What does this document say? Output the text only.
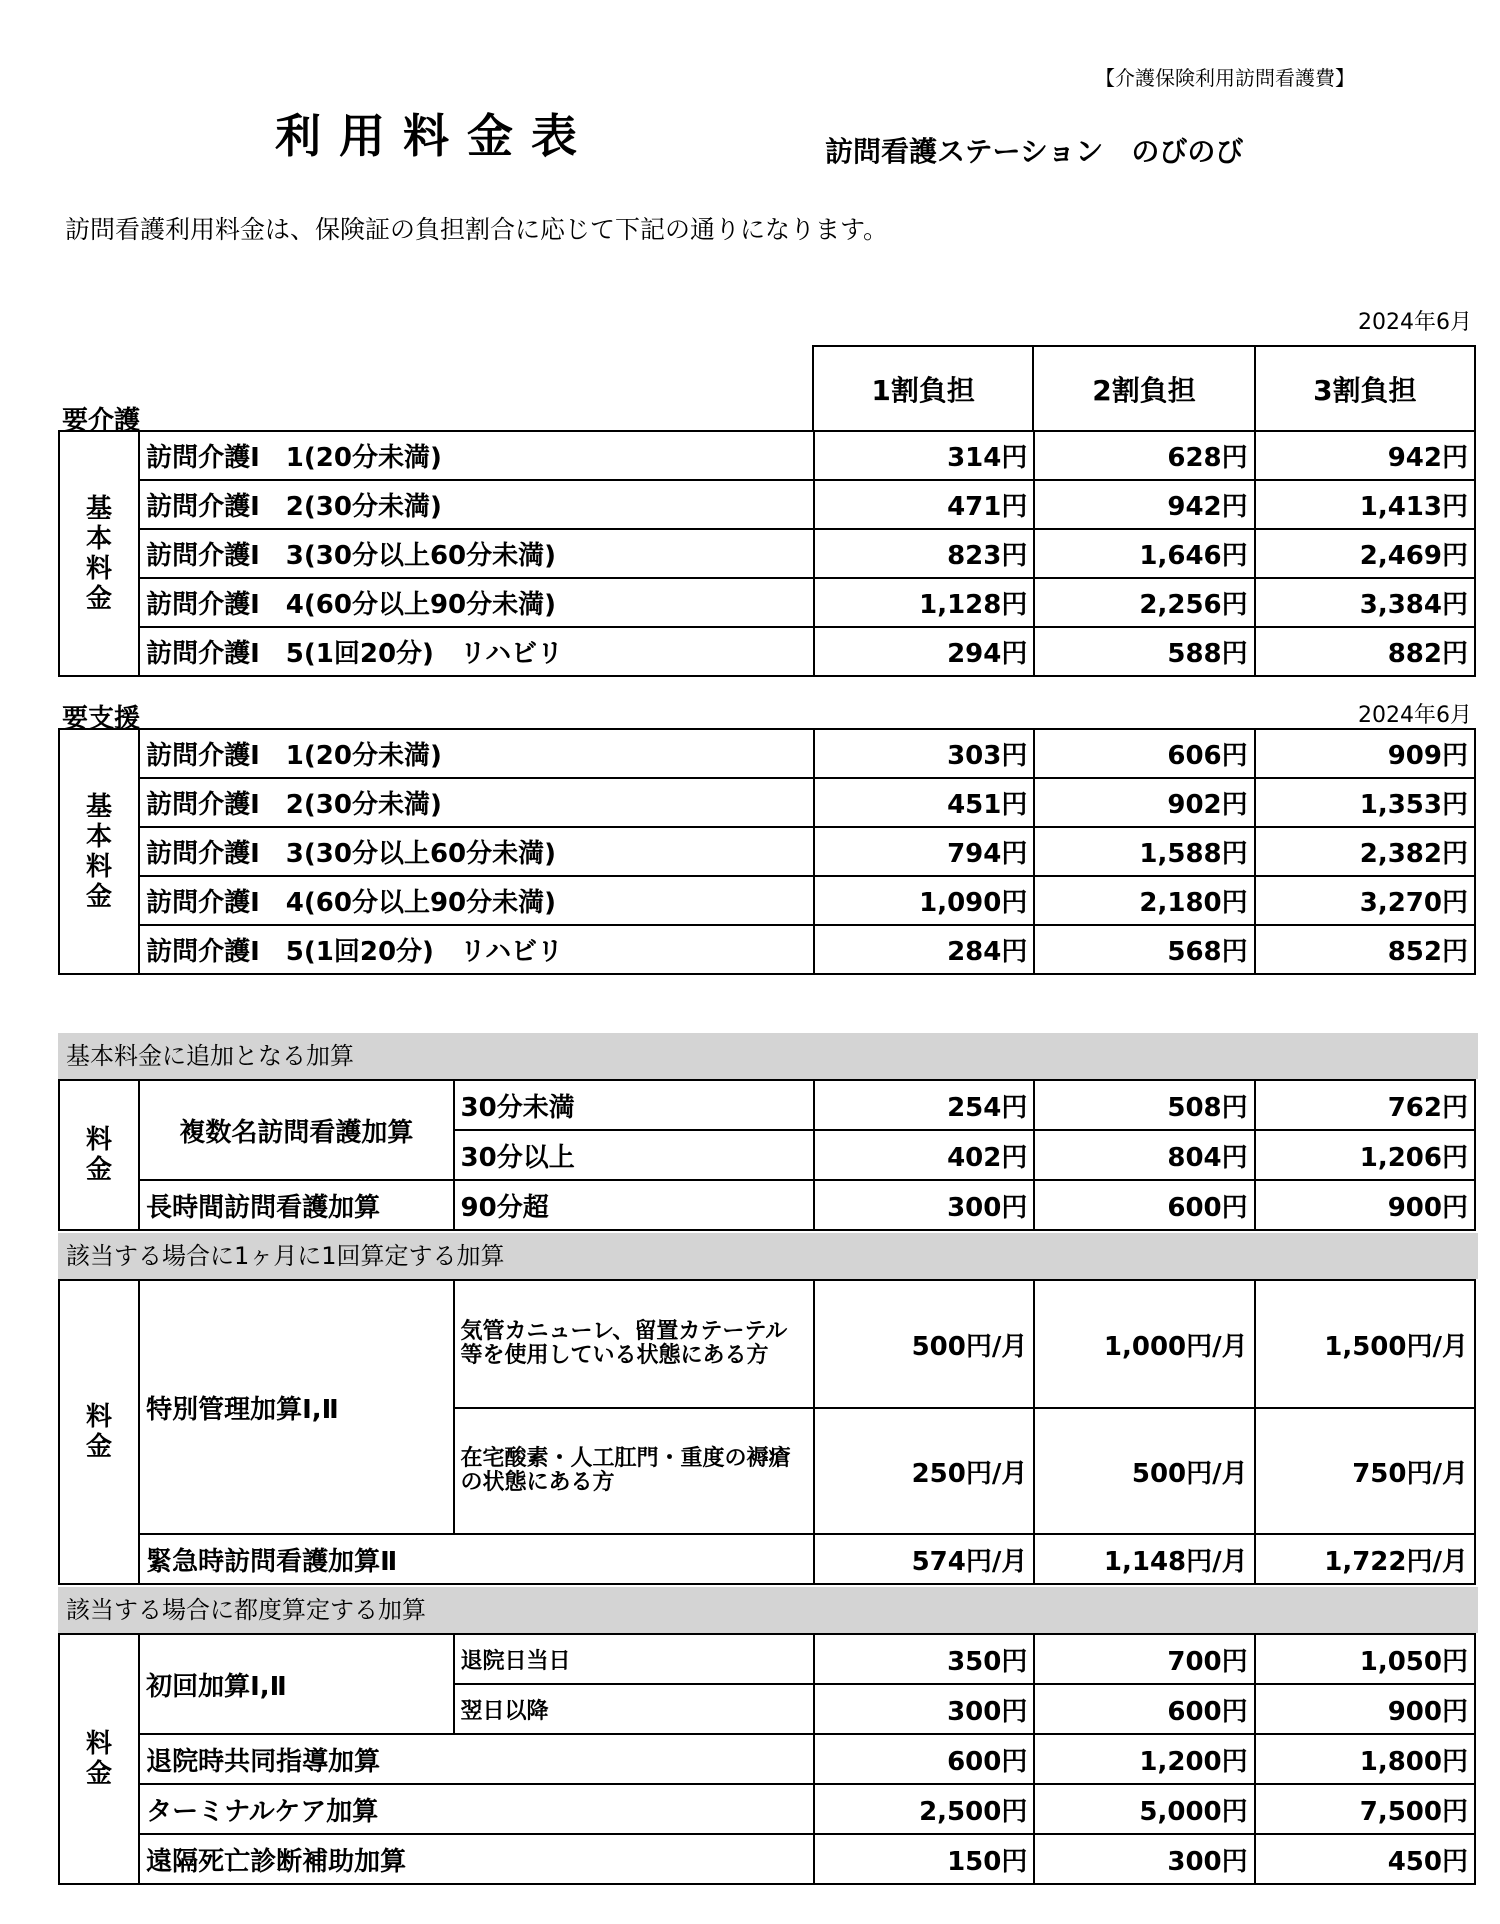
【介護保険利用訪問看護費】
利用料金表	訪問看護ステーション　のびのび
訪問看護利用料金は、保険証の負担割合に応じて下記の通りになります。
2024年6月
1割負担	2割負担	3割負担
要介護
基本料金	訪問介護Ⅰ　1(20分未満)	314円	628円	942円
	訪問介護Ⅰ　2(30分未満)	471円	942円	1,413円
	訪問介護Ⅰ　3(30分以上60分未満)	823円	1,646円	2,469円
	訪問介護Ⅰ　4(60分以上90分未満)	1,128円	2,256円	3,384円
	訪問介護Ⅰ　5(1回20分)　リハビリ	294円	588円	882円
要支援	2024年6月
基本料金	訪問介護Ⅰ　1(20分未満)	303円	606円	909円
	訪問介護Ⅰ　2(30分未満)	451円	902円	1,353円
	訪問介護Ⅰ　3(30分以上60分未満)	794円	1,588円	2,382円
	訪問介護Ⅰ　4(60分以上90分未満)	1,090円	2,180円	3,270円
	訪問介護Ⅰ　5(1回20分)　リハビリ	284円	568円	852円
基本料金に追加となる加算
料金	複数名訪問看護加算	30分未満	254円	508円	762円
		30分以上	402円	804円	1,206円
	長時間訪問看護加算	90分超	300円	600円	900円
該当する場合に1ヶ月に1回算定する加算
料金	特別管理加算Ⅰ,Ⅱ	気管カニューレ、留置カテーテル等を使用している状態にある方	500円/月	1,000円/月	1,500円/月
		在宅酸素・人工肛門・重度の褥瘡の状態にある方	250円/月	500円/月	750円/月
	緊急時訪問看護加算Ⅱ		574円/月	1,148円/月	1,722円/月
該当する場合に都度算定する加算
料金	初回加算Ⅰ,Ⅱ	退院日当日	350円	700円	1,050円
		翌日以降	300円	600円	900円
	退院時共同指導加算		600円	1,200円	1,800円
	ターミナルケア加算		2,500円	5,000円	7,500円
	遠隔死亡診断補助加算		150円	300円	450円
